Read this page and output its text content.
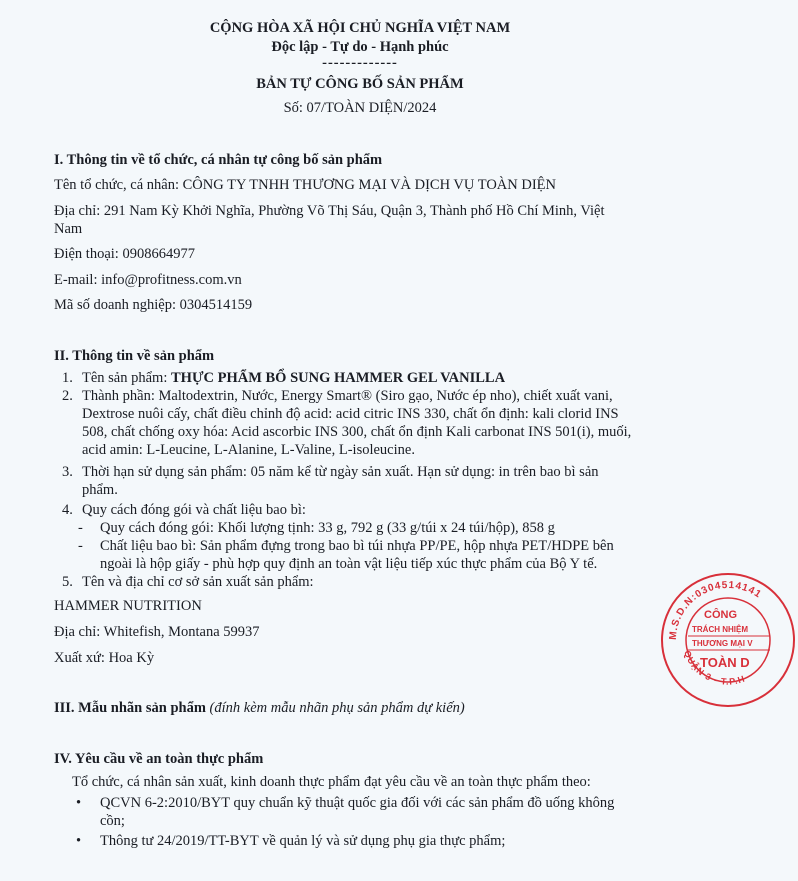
CỘNG HÒA XÃ HỘI CHỦ NGHĨA VIỆT NAM
Độc lập - Tự do - Hạnh phúc
-------------
BẢN TỰ CÔNG BỐ SẢN PHẨM
Số: 07/TOÀN DIỆN/2024
I. Thông tin về tổ chức, cá nhân tự công bố sản phẩm
Tên tổ chức, cá nhân: CÔNG TY TNHH THƯƠNG MẠI VÀ DỊCH VỤ TOÀN DIỆN
Địa chỉ: 291 Nam Kỳ Khởi Nghĩa, Phường Võ Thị Sáu, Quận 3, Thành phố Hồ Chí Minh, Việt
Nam
Điện thoại: 0908664977
E-mail: info@profitness.com.vn
Mã số doanh nghiệp: 0304514159
II. Thông tin về sản phẩm
1. Tên sản phẩm: THỰC PHẨM BỔ SUNG HAMMER GEL VANILLA
2. Thành phần: Maltodextrin, Nước, Energy Smart® (Siro gạo, Nước ép nho), chiết xuất vani,
Dextrose nuôi cấy, chất điều chỉnh độ acid: acid citric INS 330, chất ổn định: kali clorid INS
508, chất chống oxy hóa: Acid ascorbic INS 300, chất ổn định Kali carbonat INS 501(i), muối,
acid amin: L-Leucine, L-Alanine, L-Valine, L-isoleucine.
3. Thời hạn sử dụng sản phẩm: 05 năm kể từ ngày sản xuất. Hạn sử dụng: in trên bao bì sản
phẩm.
4. Quy cách đóng gói và chất liệu bao bì:
- Quy cách đóng gói: Khối lượng tịnh: 33 g, 792 g (33 g/túi x 24 túi/hộp), 858 g
- Chất liệu bao bì: Sản phẩm đựng trong bao bì túi nhựa PP/PE, hộp nhựa PET/HDPE bên
ngoài là hộp giấy - phù hợp quy định an toàn vật liệu tiếp xúc thực phẩm của Bộ Y tế.
5. Tên và địa chỉ cơ sở sản xuất sản phẩm:
HAMMER NUTRITION
Địa chỉ: Whitefish, Montana 59937
Xuất xứ: Hoa Kỳ
III. Mẫu nhãn sản phẩm (đính kèm mẫu nhãn phụ sản phẩm dự kiến)
IV. Yêu cầu về an toàn thực phẩm
Tổ chức, cá nhân sản xuất, kinh doanh thực phẩm đạt yêu cầu về an toàn thực phẩm theo:
• QCVN 6-2:2010/BYT quy chuẩn kỹ thuật quốc gia đối với các sản phẩm đồ uống không
cồn;
• Thông tư 24/2019/TT-BYT về quản lý và sử dụng phụ gia thực phẩm;
M.S.D.N:0304514141
QUẬN 3 - T.P.H
CÔNG
TRÁCH NHIỆM
THƯƠNG MẠI V
TOÀN D
